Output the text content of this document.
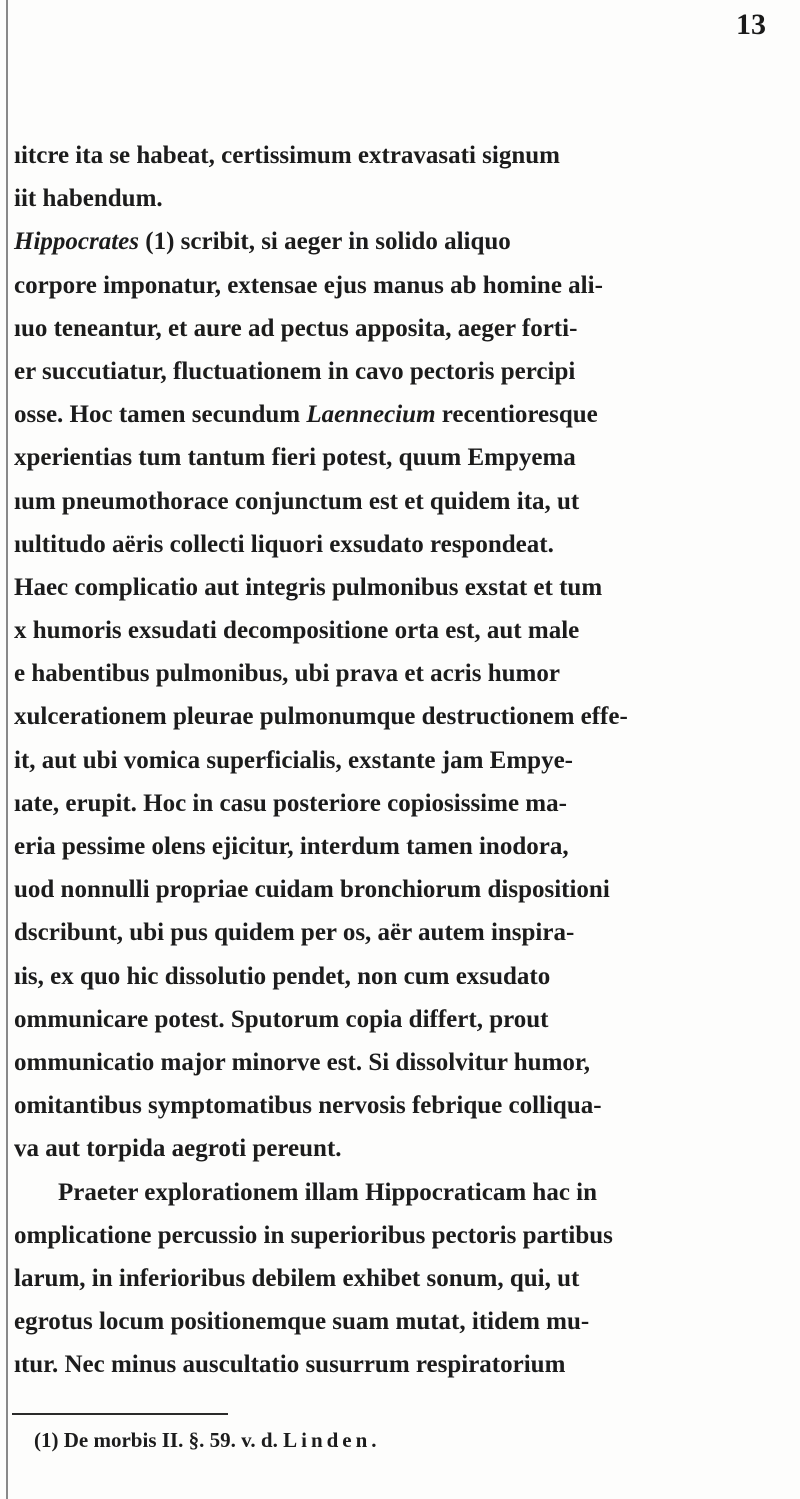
13
ıitcre ita se habeat, certissimum extravasati signum
iit habendum.
Hippocrates (1) scribit, si aeger in solido aliquo
corpore imponatur, extensae ejus manus ab homine ali-
ıuo teneantur, et aure ad pectus apposita, aeger forti-
er succutiatur, fluctuationem in cavo pectoris percipi
osse. Hoc tamen secundum Laennecium recentioresque
xperientias tum tantum fieri potest, quum Empyema
ıum pneumothorace conjunctum est et quidem ita, ut
ıultitudo aëris collecti liquori exsudato respondeat.
Haec complicatio aut integris pulmonibus exstat et tum
x humoris exsudati decompositione orta est, aut male
e habentibus pulmonibus, ubi prava et acris humor
xulcerationem pleurae pulmonumque destructionem effe-
it, aut ubi vomica superficialis, exstante jam Empye-
ıate, erupit. Hoc in casu posteriore copiosissime ma-
eria pessime olens ejicitur, interdum tamen inodora,
uod nonnulli propriae cuidam bronchiorum dispositioni
dscribunt, ubi pus quidem per os, aër autem inspira-
ıis, ex quo hic dissolutio pendet, non cum exsudato
ommunicare potest. Sputorum copia differt, prout
ommunicatio major minorve est. Si dissolvitur humor,
omitantibus symptomatibus nervosis febrique colliqua-
va aut torpida aegroti pereunt.
Praeter explorationem illam Hippocraticam hac in
omplicatione percussio in superioribus pectoris partibus
larum, in inferioribus debilem exhibet sonum, qui, ut
egrotus locum positionemque suam mutat, itidem mu-
ıtur. Nec minus auscultatio susurrum respiratorium
(1) De morbis II. §. 59. v. d. Linden.
